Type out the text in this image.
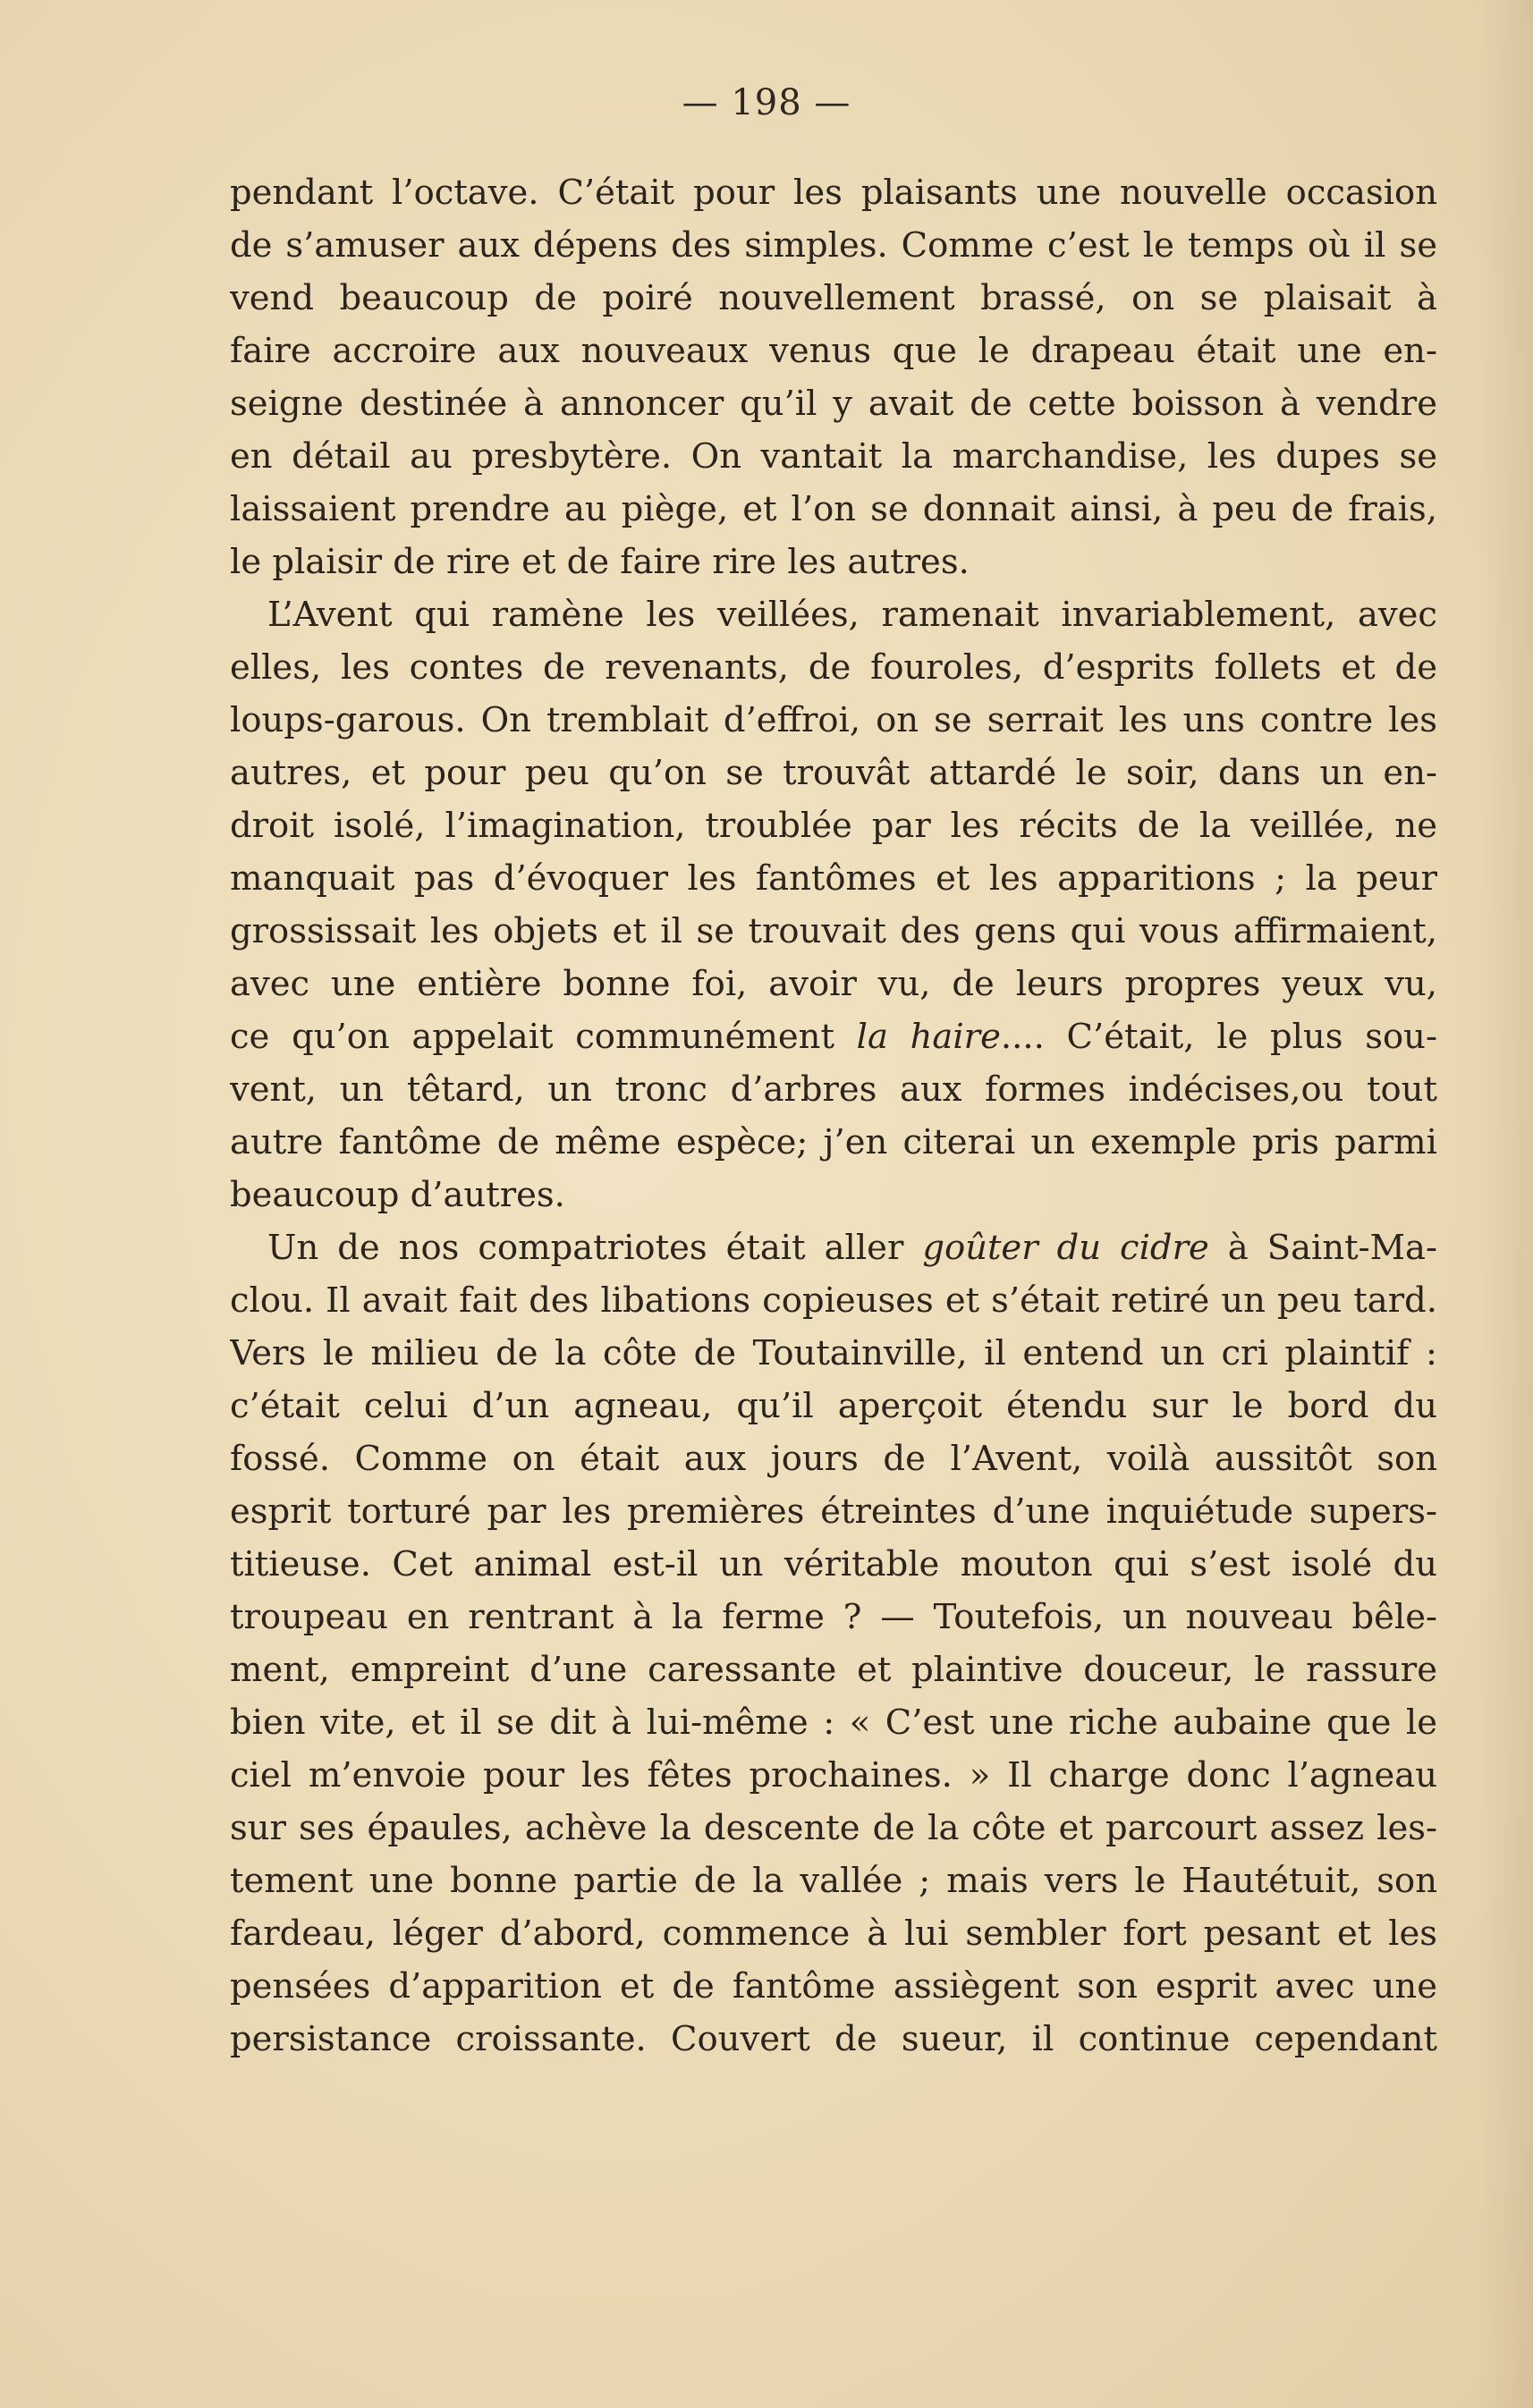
— 198 —
pendant l’octave. C’était pour les plaisants une nouvelle occasion
de s’amuser aux dépens des simples. Comme c’est le temps où il se
vend beaucoup de poiré nouvellement brassé, on se plaisait à
faire accroire aux nouveaux venus que le drapeau était une en-
seigne destinée à annoncer qu’il y avait de cette boisson à vendre
en détail au presbytère. On vantait la marchandise, les dupes se
laissaient prendre au piège, et l’on se donnait ainsi, à peu de frais,
le plaisir de rire et de faire rire les autres.
L’Avent qui ramène les veillées, ramenait invariablement, avec
elles, les contes de revenants, de fouroles, d’esprits follets et de
loups-garous. On tremblait d’effroi, on se serrait les uns contre les
autres, et pour peu qu’on se trouvât attardé le soir, dans un en-
droit isolé, l’imagination, troublée par les récits de la veillée, ne
manquait pas d’évoquer les fantômes et les apparitions ; la peur
grossissait les objets et il se trouvait des gens qui vous affirmaient,
avec une entière bonne foi, avoir vu, de leurs propres yeux vu,
ce qu’on appelait communément la haire.... C’était, le plus sou-
vent, un têtard, un tronc d’arbres aux formes indécises,ou tout
autre fantôme de même espèce; j’en citerai un exemple pris parmi
beaucoup d’autres.
Un de nos compatriotes était aller goûter du cidre à Saint-Ma-
clou. Il avait fait des libations copieuses et s’était retiré un peu tard.
Vers le milieu de la côte de Toutainville, il entend un cri plaintif :
c’était celui d’un agneau, qu’il aperçoit étendu sur le bord du
fossé. Comme on était aux jours de l’Avent, voilà aussitôt son
esprit torturé par les premières étreintes d’une inquiétude supers-
titieuse. Cet animal est-il un véritable mouton qui s’est isolé du
troupeau en rentrant à la ferme ? — Toutefois, un nouveau bêle-
ment, empreint d’une caressante et plaintive douceur, le rassure
bien vite, et il se dit à lui-même : « C’est une riche aubaine que le
ciel m’envoie pour les fêtes prochaines. » Il charge donc l’agneau
sur ses épaules, achève la descente de la côte et parcourt assez les-
tement une bonne partie de la vallée ; mais vers le Hautétuit, son
fardeau, léger d’abord, commence à lui sembler fort pesant et les
pensées d’apparition et de fantôme assiègent son esprit avec une
persistance croissante. Couvert de sueur, il continue cependant
